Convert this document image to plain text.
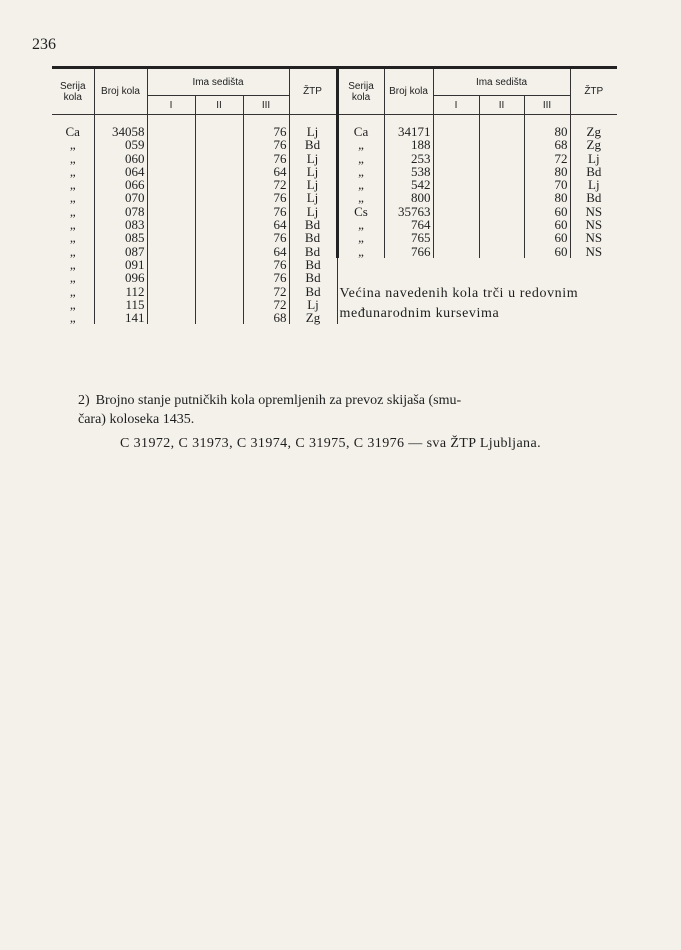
236
Serija kola	Broj kola	Ima sedišta			ŽTP	Serija kola	Broj kola	Ima sedišta			ŽTP
		I	II	III				I	II	III	

Ca	34058			76	Lj	Ca	34171			80	Zg
„	059			76	Bd	„	188			68	Zg
„	060			76	Lj	„	253			72	Lj
„	064			64	Lj	„	538			80	Bd
„	066			72	Lj	„	542			70	Lj
„	070			76	Lj	„	800			80	Bd
„	078			76	Lj	Cs	35763			60	NS
„	083			64	Bd	„	764			60	NS
„	085			76	Bd	„	765			60	NS
„	087			64	Bd	„	766			60	NS
„	091			76	Bd	Većina navedenih kola trči u redovnim međunarodnim kursevima					

„	096			76	Bd						
„	112			72	Bd						
„	115			72	Lj						
„	141			68	Zg						
2) Brojno stanje putničkih kola opremljenih za prevoz skijaša (smu-
čara) koloseka 1435.
C 31972, C 31973, C 31974, C 31975, C 31976 — sva ŽTP Ljubljana.
